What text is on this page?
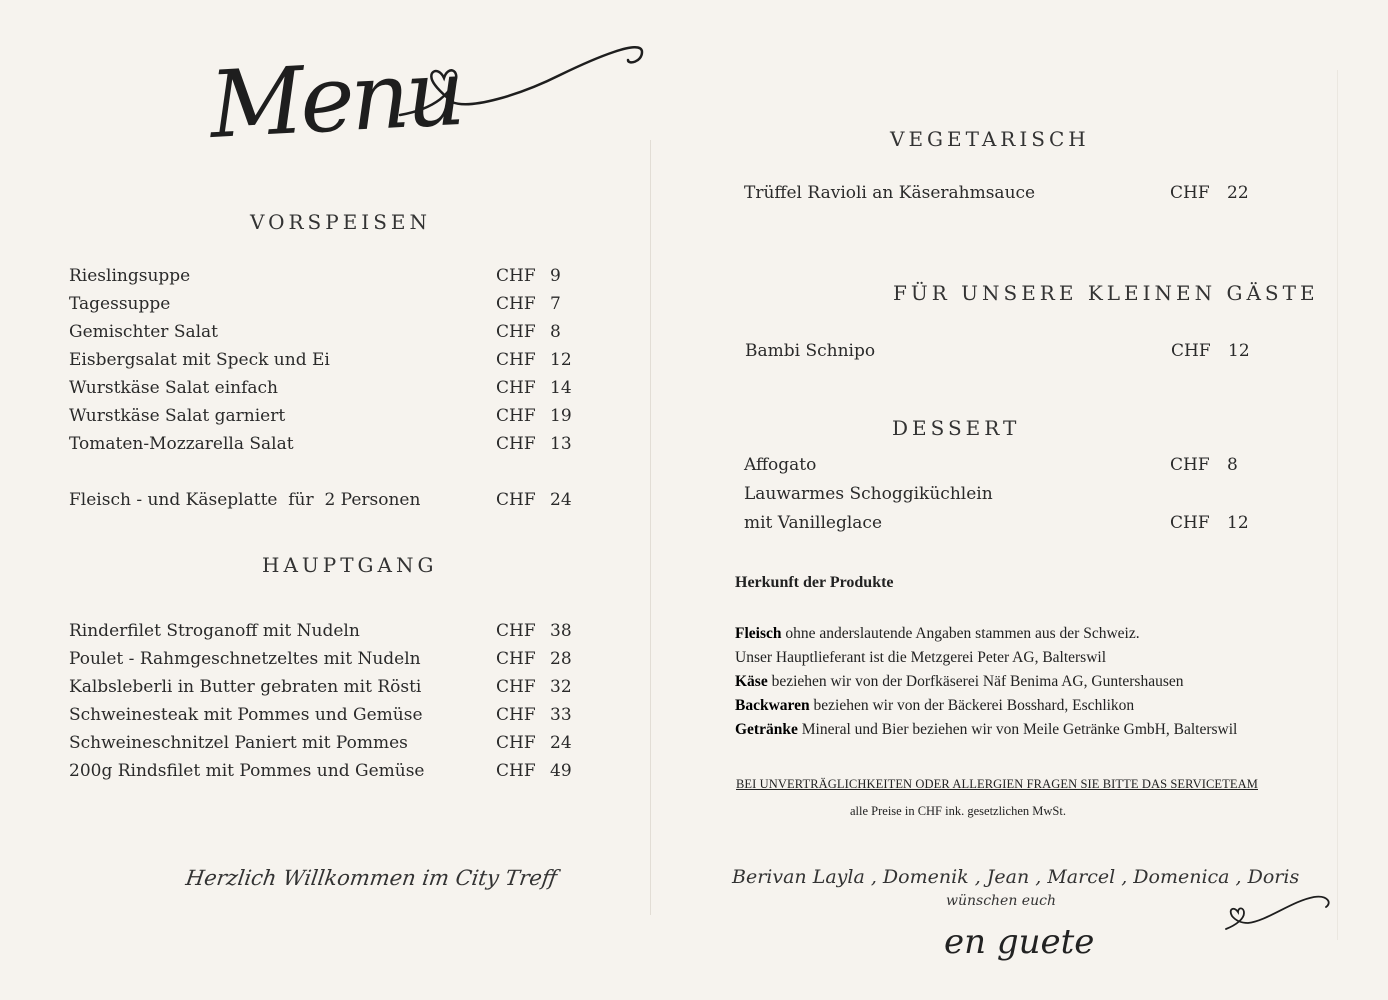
Menu
VORSPEISEN
Rieslingsuppe	CHF 9
Tagessuppe	CHF 7
Gemischter Salat	CHF 8
Eisbergsalat mit Speck und Ei	CHF 12
Wurstkäse Salat einfach	CHF 14
Wurstkäse Salat garniert	CHF 19
Tomaten-Mozzarella Salat	CHF 13
Fleisch - und Käseplatte  für  2 Personen	CHF 24
HAUPTGANG
Rinderfilet Stroganoff mit Nudeln	CHF 38
Poulet - Rahmgeschnetzeltes mit Nudeln	CHF 28
Kalbsleberli in Butter gebraten mit Rösti	CHF 32
Schweinesteak mit Pommes und Gemüse	CHF 33
Schweineschnitzel Paniert mit Pommes	CHF 24
200g Rindsfilet mit Pommes und Gemüse	CHF 49
VEGETARISCH
Trüffel Ravioli an Käserahmsauce	CHF 22
FÜR UNSERE KLEINEN GÄSTE
Bambi Schnipo	CHF 12
DESSERT
Affogato	CHF 8
Lauwarmes Schoggiküchlein
mit Vanilleglace	CHF 12
Herkunft der Produkte

Fleisch ohne anderslautende Angaben stammen aus der Schweiz.

Unser Hauptlieferant ist die Metzgerei Peter AG, Balterswil

Käse beziehen wir von der Dorfkäserei Näf Benima AG, Guntershausen

Backwaren beziehen wir von der Bäckerei Bosshard, Eschlikon

Getränke Mineral und Bier beziehen wir von Meile Getränke GmbH, Balterswil

BEI UNVERTRÄGLICHKEITEN ODER ALLERGIEN FRAGEN SIE BITTE DAS SERVICETEAM
alle Preise in CHF ink. gesetzlichen MwSt.
Herzlich Willkommen im City Treff	Berivan Layla , Domenik , Jean , Marcel , Domenica , Doris
wünschen euch
en guete
